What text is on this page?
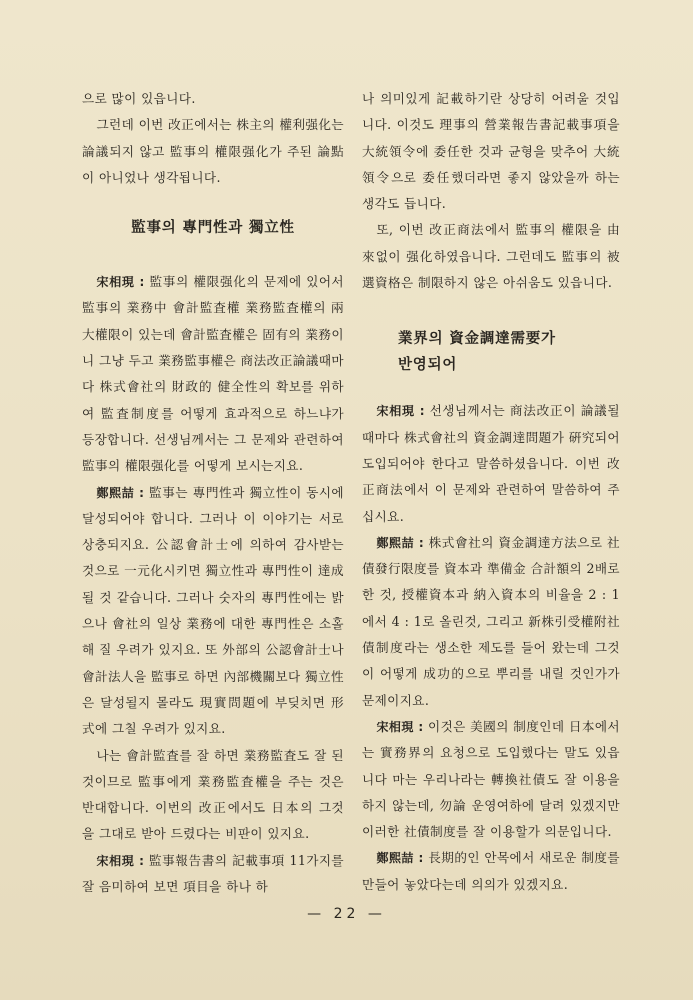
으로 많이 있읍니다.

그런데 이번 改正에서는 株主의 權利强化는 論議되지 않고 監事의 權限强化가 주된 論點이 아니었나 생각됩니다.

監事의 專門性과 獨立性

宋相現 : 監事의 權限强化의 문제에 있어서 監事의 業務中 會計監査權 業務監査權의 兩大權限이 있는데 會計監査權은 固有의 業務이니 그냥 두고 業務監事權은 商法改正論議때마다 株式會社의 財政的 健全性의 확보를 위하여 監査制度를 어떻게 효과적으로 하느냐가 등장합니다. 선생님께서는 그 문제와 관련하여 監事의 權限强化를 어떻게 보시는지요.

鄭熙喆 : 監事는 專門性과 獨立性이 동시에 달성되어야 합니다. 그러나 이 이야기는 서로 상충되지요. 公認會計士에 의하여 감사받는 것으로 一元化시키면 獨立性과 專門性이 達成될 것 같습니다. 그러나 숫자의 專門性에는 밝으나 會社의 일상 業務에 대한 專門性은 소홀해 질 우려가 있지요. 또 外部의 公認會計士나 會計法人을 監事로 하면 內部機關보다 獨立性은 달성될지 몰라도 現實問題에 부딪치면 形式에 그칠 우려가 있지요.

나는 會計監査를 잘 하면 業務監査도 잘 된 것이므로 監事에게 業務監査權을 주는 것은 반대합니다. 이번의 改正에서도 日本의 그것을 그대로 받아 드렸다는 비판이 있지요.

宋相現 : 監事報告書의 記載事項 11가지를 잘 음미하여 보면 項目을 하나 하

나 의미있게 記載하기란 상당히 어려울 것입니다. 이것도 理事의 營業報告書記載事項을 大統領令에 委任한 것과 균형을 맞추어 大統領令으로 委任했더라면 좋지 않았을까 하는 생각도 듭니다.

또, 이번 改正商法에서 監事의 權限을 由來없이 强化하였읍니다. 그런데도 監事의 被選資格은 制限하지 않은 아쉬움도 있읍니다.

業界의 資金調達需要가
반영되어

宋相現 : 선생님께서는 商法改正이 論議될 때마다 株式會社의 資金調達問題가 硏究되어 도입되어야 한다고 말씀하셨읍니다. 이번 改正商法에서 이 문제와 관련하여 말씀하여 주십시요.

鄭熙喆 : 株式會社의 資金調達方法으로 社債發行限度를 資本과 準備金 合計額의 2배로 한 것, 授權資本과 納入資本의 비율을 2 : 1에서 4 : 1로 올린것, 그리고 新株引受權附社債制度라는 생소한 제도를 들어 왔는데 그것이 어떻게 成功的으로 뿌리를 내릴 것인가가 문제이지요.

宋相現 : 이것은 美國의 制度인데 日本에서는 實務界의 요청으로 도입했다는 말도 있읍니다 마는 우리나라는 轉換社債도 잘 이용을 하지 않는데, 勿論 운영여하에 달려 있겠지만 이러한 社債制度를 잘 이용할가 의문입니다.

鄭熙喆 : 長期的인 안목에서 새로운 制度를 만들어 놓았다는데 의의가 있겠지요.

— 22 —
